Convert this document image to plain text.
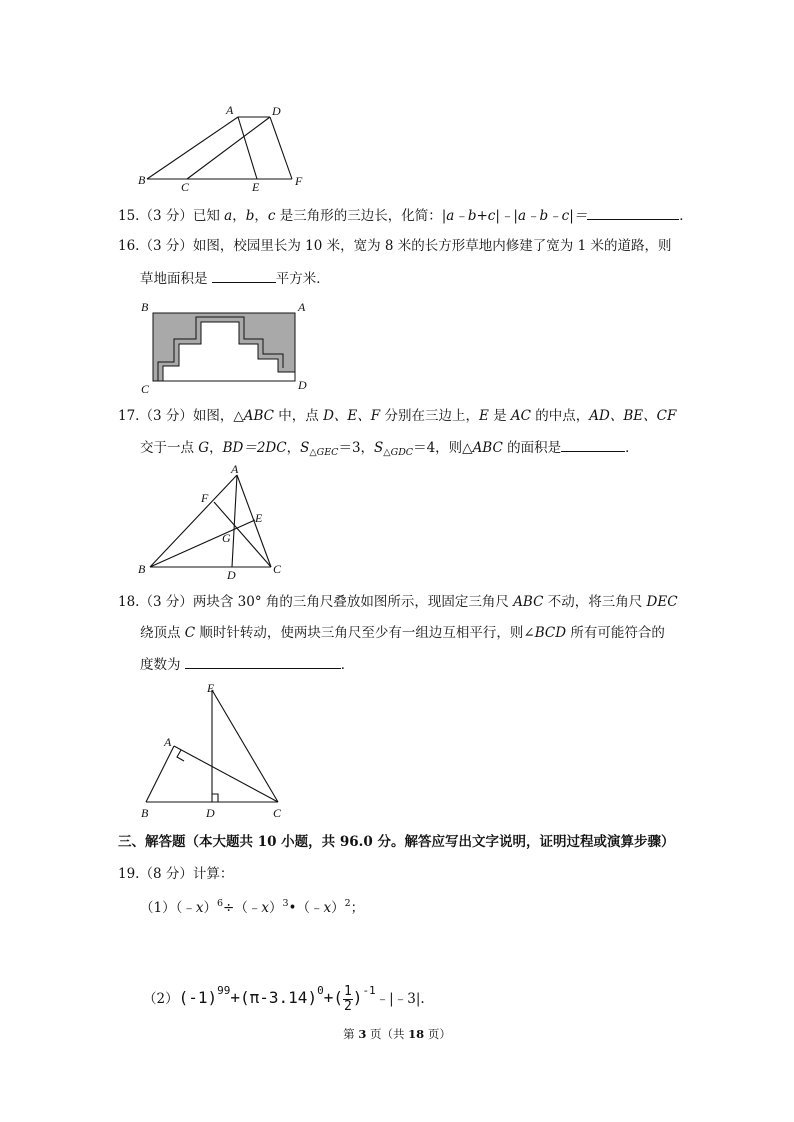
A	D
B	C	E	F
15.（3 分）已知 a，b，c 是三角形的三边长，化简：|a﹣b+c|﹣|a﹣b﹣c|＝	．
16.（3 分）如图，校园里长为 10 米，宽为 8 米的长方形草地内修建了宽为 1 米的道路，则
草地面积是	平方米．
B	A
C	D
17.（3 分）如图，△ABC 中，点 D、E、F 分别在三边上，E 是 AC 的中点，AD、BE、CF
交于一点 G，BD＝2DC，$S_{\triangle GEC}=3$，$S_{\triangle GDC}=4$，则△ABC 的面积是	．
A
F
E
G
B	D	C
18.（3 分）两块含 30° 角的三角尺叠放如图所示，现固定三角尺 ABC 不动，将三角尺 DEC
绕顶点 C 顺时针转动，使两块三角尺至少有一组边互相平行，则∠BCD 所有可能符合的
度数为	．
E
A
B	D	C
三、解答题（本大题共 10 小题，共 96.0 分。解答应写出文字说明，证明过程或演算步骤）
19.（8 分）计算：
（1）（﹣x）$^6$÷（﹣x）$^3$•（﹣x）$^2$；
$(2)(-1)^{99}+(\pi-3.14)^0+( \frac{1}{2}$ )$^{-1}﹣|﹣3|$.
第 3 页（共 18 页）
